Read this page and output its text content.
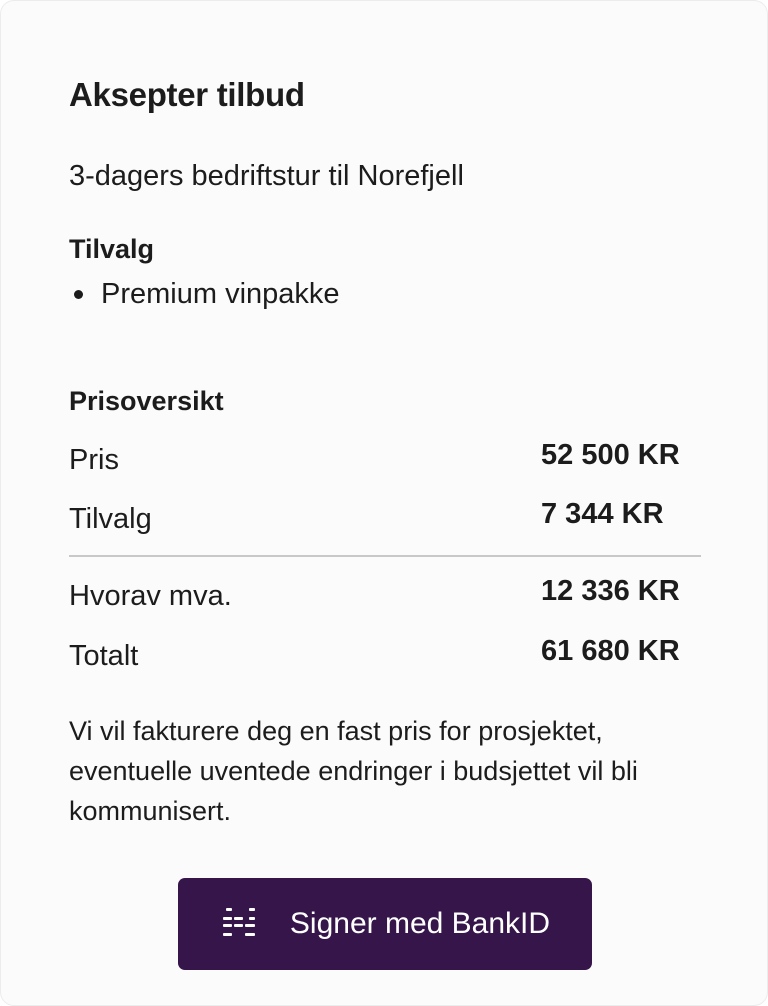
Aksepter tilbud

3-dagers bedriftstur til Norefjell

Tilvalg
Premium vinpakke
Prisoversikt
Pris	52 500 KR
Tilvalg	7 344 KR
Hvorav mva.	12 336 KR
Totalt	61 680 KR

Vi vil fakturere deg en fast pris for prosjektet, eventuelle uventede endringer i budsjettet vil bli kommunisert.

Signer med BankID
